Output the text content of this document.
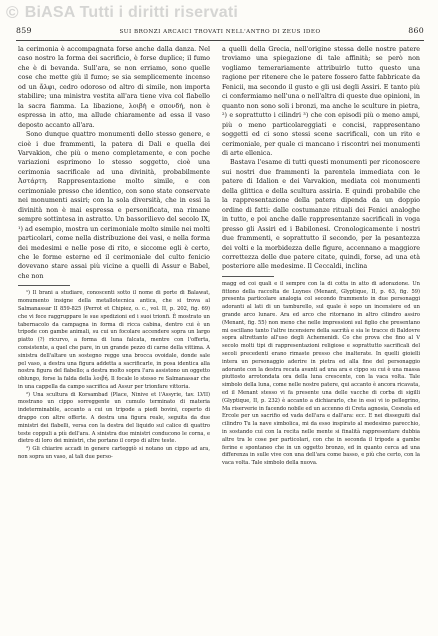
© BiASA Tutti i diritti riservati
859	SUI BRONZI ARCAICI TROVATI NELL'ANTRO DI ZEUS IDEO	860

la cerimonia è accompagnata forse anche dalla danza. Nel caso nostro la forma dei sacrificio, è forse duplice; il fumo che è di bevanda. Sull'ara, se non erriamo, sono quelle cose che mette giù il fumo; se sia semplicemente incenso od un ἄλφι, cedro odoroso od altro di simile, non importa stabilire; una ministra vestita all'ara tiene viva col flabello la sacra fiamma. La libazione, λοιβὴ e σπονδή, non è espressa in atto, ma allude chiaramente ad essa il vaso deposto accanto all'ara.

Sono dunque quattro monumenti dello stesso genere, e cioè i due frammenti, la patera di Dali e quella dei Varvakion, che più o meno completamente, e con poche variazioni esprimono lo stesso soggetto, cioè una cerimonia sacrificale ad una divinità, probabilmente Ἀστάρτη. Rappresentazione molto simile, e con cerimoniale presso che identico, con sono state conservate nei monumenti assiri; con la sola diversità, che in essi la divinità non è mai espressa e personificata, ma rimane sempre sottintesa in astratto. Un bassorilievo del secolo IX, ¹) ad esempio, mostra un cerimoniale molto simile nei molti particolari, come nella distribuzione dei vasi, e nella forma dei medesimi e nelle pose di rito, e siccome egli è certo, che le forme esterne ed il cerimoniale del culto fenicio dovevano stare assai più vicine a quelli di Assur e Babel, che non

¹) Il brani a studiare, conoscenti sotto il nome di porte di Balawat, monumento insigne della metallotecnica antica, che si trova al Salmanassar II 859-825 (Perrot et Chipiez, o. c., vol. II, p. 202, fig. 69) che vi fece raggruppare le sue spedizioni ed i suoi trionfi. È mostrato un tabernacolo da campagna in forma di ricca cabina, dentro cui è un tripode con gambe animali, su cui un focolare accendere sopra un largo piatto (?) ricurvo, a forma di luna falcata, mentre con l'offerta, consistente, a quel che pare, in un grande pezzo di carne della vittima. A sinistra dell'altare un sostegno regge una brocca ovoidale, donde sale pel vaso, a destra una figura addetta a sacrificarle, in posa identica alla nostra figura del flabello; a destra molto sopra l'ara assistono un oggetto oblungo, forse la falda della λοιβή. Il focale lo stesso re Salmanassar che in una cappella da campo sacrifica ad Assur per trionfare vittoria.

²) Una scultura di Korsambad (Place, Ninive et l'Assyrie, tav. LVII) mostrano un cippo sorreggente un cumulo terminato di materia indeterminabile, accanto a cui un tripode a piedi bovini, coperto di drappo con altre offerte. A destra una figura reale, seguita da due ministri dei flabelli, versa con la destra del liquido sul calice di quattro teste coppuli a più dell'ara. A sinistra due ministri conducono le corna, e dietro di loro dei ministri, che portano il corpo di altre teste.

³) Gli chiarire accadi in genere carteggiò si notano un cippo ad ara, non sopra un vaso, al tali due perso-

a quelli della Grecia, nell'origine stessa delle nostre patere troviamo una spiegazione di tale affinità; se però non vogliamo temerariamente attribuirlo tutto questo una ragione per ritenere che le patere fossero fatte fabbricate da Fenicii, ma secondo il gusto e gli usi degli Assiri. E tanto più ci confermiamo nell'una o nell'altra di queste due opinioni, in quanto non sono soli i bronzi, ma anche le sculture in pietra, ²) e soprattutto i cilindri ³) che con episodi più o meno ampi, più o meno particolareggiati e concisi, rappresentano soggetti ed ci sono stessi scene sacrificali, con un rito e cerimoniale, per quale ci mancano i riscontri nei monumenti di arte ellenica.

Bastava l'esame di tutti questi monumenti per riconoscere sui nostri due frammenti la parentela immediata con le patere di Idalion e dei Varvakion, mediata coi monumenti della glittica e della scultura assiria. E quindi probabile che la rappresentazione della patera dipenda da un doppio ordine di fatti: dalle costumanze rituali dei Fenici analoghe in tutto, e poi anche dalle rappresentanze sacrificali in voga presso gli Assiri ed i Babilonesi. Cronologicamente i nostri due frammenti, e soprattutto il secondo, per la pesantezza dei volti e la morbidezza delle figure, accennano a maggiore correttezza delle due patere citate, quindi, forse, ad una età posteriore alle medesime. Il Ceccaldi, inclina

magg ed coi quali e il sempre con la di cotta in atto di adorazione. Un fittono della raccolta de Luynes (Menant, Glyptique, II, p. 63, fig. 59) presenta particolare analogia col secondo frammento in due personaggi adoranti al lati di un tamburello, sul quale è sopo un incensiere ed un grande arco lunare. Ara ed arco che ritornano in altro cilindro assiro (Menant, fig. 55) non meno che nelle impressioni sul figlio che presentano mi oscillano tanto l'altre incensiere della sacrità e sia le tracce di Baldovre sopra altrettanto all'uso degli Achemenidi. Co che prova che fino al V secolo molti tipi di rappresentazioni religiose e soprattutto sacrificali del secoli precedenti erano rimaste presso che inalterate. In quelli gioielli intera un personaggio aderire in pietra ed alla fine del personaggio adorante con la destra recata avanti ad una ara e cippo su cui è una massa piuttosto arrotondata ora della luna crescente, con la vaca volta. Tale simbolo della luna, come nelle nostre patere, qui accanto è ancora ricavata, ed il Menant stesso vi fa presente una delle vacche di corba di sigilli (Glyptique, II, p. 232) è accanto a dichiararlo, che in essi vi io pellegrino, Ma riserverie in facendo nobile ed un accenno di Creta agnosia, Cesnola ed Ercole per un sacrifio ed vada dell'ara e dall'ara: ecc. E nei disseguiti dal cilindro Tu la nave simbolica, mi da esso inspirato al medesimo parecchio, in sostando cui con la recita nelle mente si finalità rappresentare dubbia altre tra le cose per particolari, con che in seconda il tripode a gambe ferine e spontaneo che in un oggetto bronzo, ed in quanto cerca ad una differenza in sulle vive con una dell'ara come basso, e più che certo, con la vaca volta. Tale simbolo della nuova.
